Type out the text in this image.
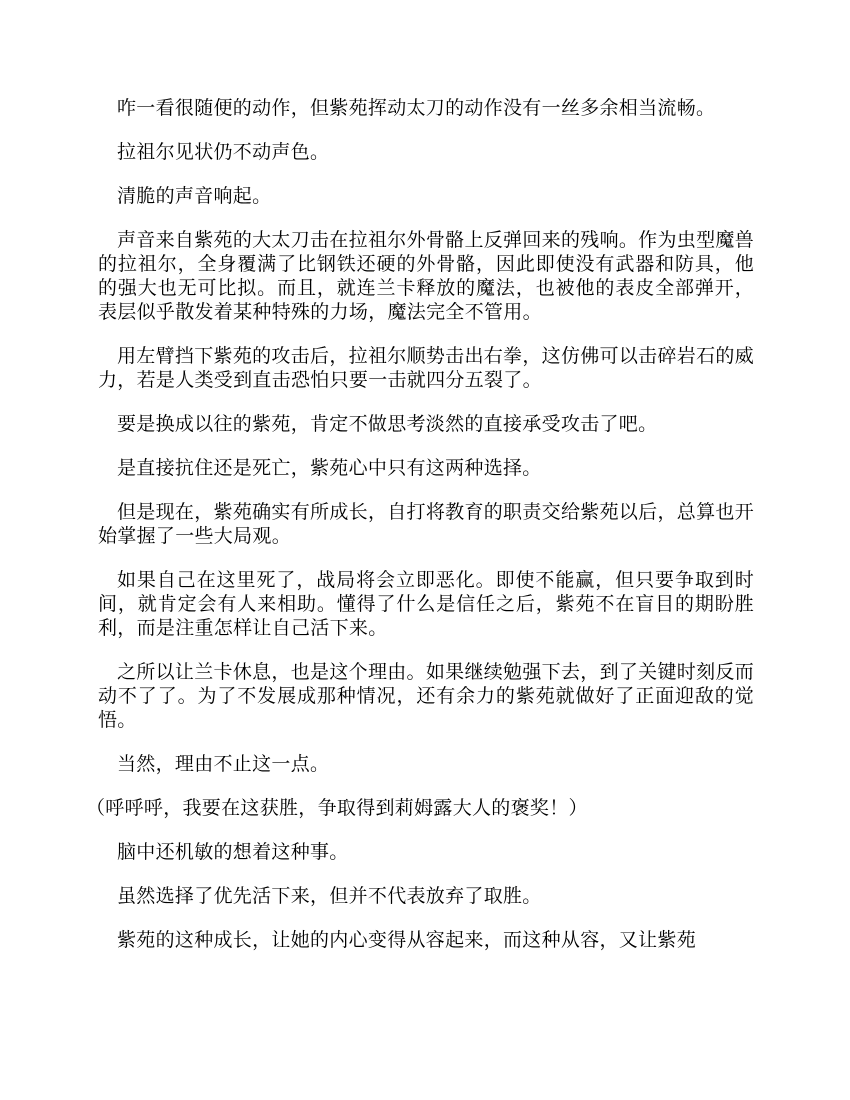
咋一看很随便的动作，但紫苑挥动太刀的动作没有一丝多余相当流畅。

拉祖尔见状仍不动声色。

清脆的声音响起。

声音来自紫苑的大太刀击在拉祖尔外骨骼上反弹回来的残响。作为虫型魔兽的拉祖尔，全身覆满了比钢铁还硬的外骨骼，因此即使没有武器和防具，他的强大也无可比拟。而且，就连兰卡释放的魔法，也被他的表皮全部弹开，表层似乎散发着某种特殊的力场，魔法完全不管用。

用左臂挡下紫苑的攻击后，拉祖尔顺势击出右拳，这仿佛可以击碎岩石的威力，若是人类受到直击恐怕只要一击就四分五裂了。

要是换成以往的紫苑，肯定不做思考淡然的直接承受攻击了吧。

是直接抗住还是死亡，紫苑心中只有这两种选择。

但是现在，紫苑确实有所成长，自打将教育的职责交给紫苑以后，总算也开始掌握了一些大局观。

如果自己在这里死了，战局将会立即恶化。即使不能赢，但只要争取到时间，就肯定会有人来相助。懂得了什么是信任之后，紫苑不在盲目的期盼胜利，而是注重怎样让自己活下来。

之所以让兰卡休息，也是这个理由。如果继续勉强下去，到了关键时刻反而动不了了。为了不发展成那种情况，还有余力的紫苑就做好了正面迎敌的觉悟。

当然，理由不止这一点。

（呼呼呼，我要在这获胜，争取得到莉姆露大人的褒奖！）

脑中还机敏的想着这种事。

虽然选择了优先活下来，但并不代表放弃了取胜。

紫苑的这种成长，让她的内心变得从容起来，而这种从容，又让紫苑
